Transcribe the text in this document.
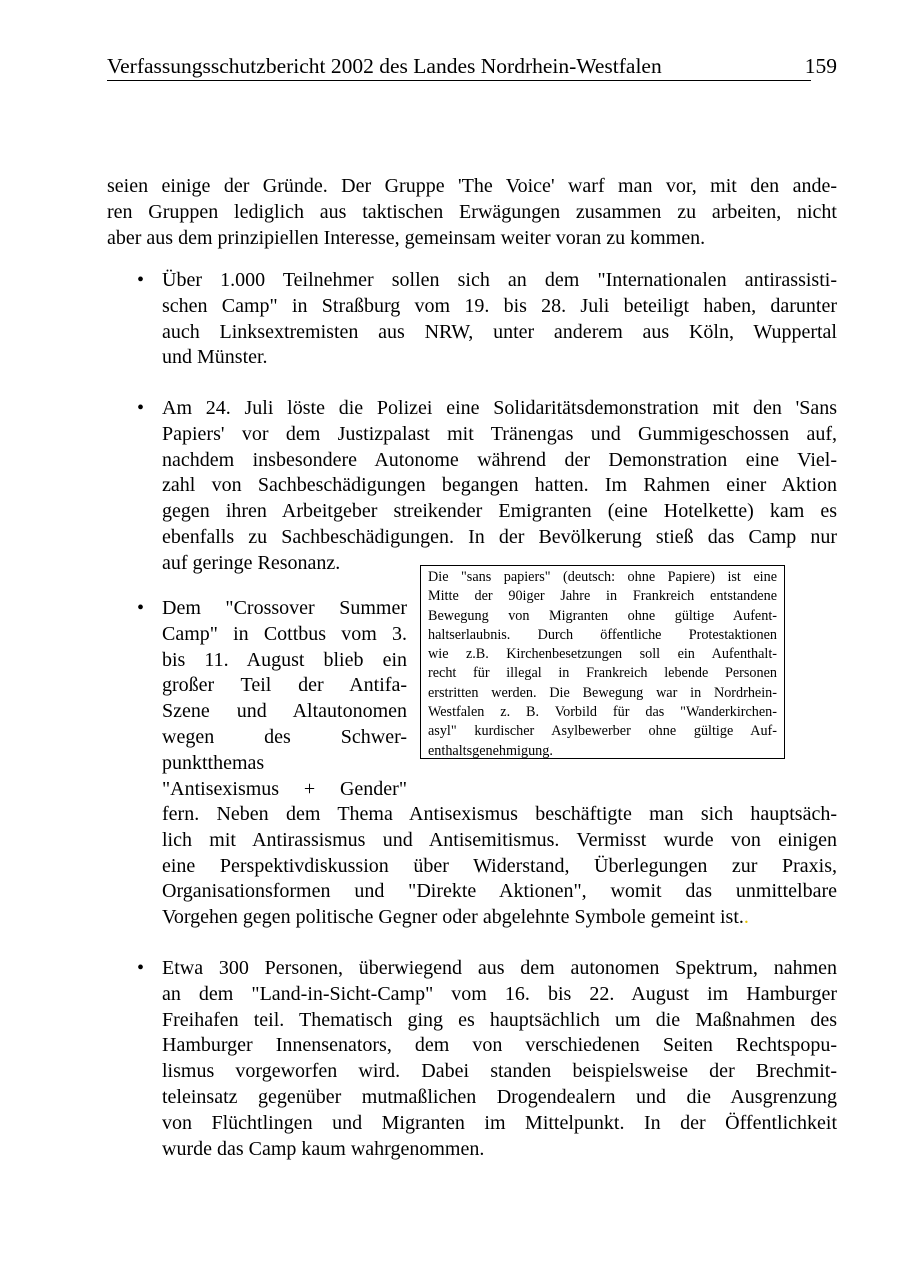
Verfassungsschutzbericht 2002 des Landes Nordrhein-Westfalen	159
seien einige der Gründe. Der Gruppe 'The Voice' warf man vor, mit den ande-
ren Gruppen lediglich aus taktischen Erwägungen zusammen zu arbeiten, nicht
aber aus dem prinzipiellen Interesse, gemeinsam weiter voran zu kommen.
• Über 1.000 Teilnehmer sollen sich an dem "Internationalen antirassisti-
schen Camp" in Straßburg vom 19. bis 28. Juli beteiligt haben, darunter
auch Linksextremisten aus NRW, unter anderem aus Köln, Wuppertal
und Münster.
• Am 24. Juli löste die Polizei eine Solidaritätsdemonstration mit den 'Sans
Papiers' vor dem Justizpalast mit Tränengas und Gummigeschossen auf,
nachdem insbesondere Autonome während der Demonstration eine Viel-
zahl von Sachbeschädigungen begangen hatten. Im Rahmen einer Aktion
gegen ihren Arbeitgeber streikender Emigranten (eine Hotelkette) kam es
ebenfalls zu Sachbeschädigungen. In der Bevölkerung stieß das Camp nur
auf geringe Resonanz.
Die "sans papiers" (deutsch: ohne Papiere) ist eine
Mitte der 90iger Jahre in Frankreich entstandene
Bewegung von Migranten ohne gültige Aufent-
haltserlaubnis. Durch öffentliche Protestaktionen
wie z.B. Kirchenbesetzungen soll ein Aufenthalt-
recht für illegal in Frankreich lebende Personen
erstritten werden. Die Bewegung war in Nordrhein-
Westfalen z. B. Vorbild für das "Wanderkirchen-
asyl" kurdischer Asylbewerber ohne gültige Auf-
enthaltsgenehmigung.
• Dem "Crossover Summer
Camp" in Cottbus vom 3.
bis 11. August blieb ein
großer Teil der Antifa-
Szene und Altautonomen
wegen des Schwer-
punktthemas
"Antisexismus + Gender"
fern. Neben dem Thema Antisexismus beschäftigte man sich hauptsäch-
lich mit Antirassismus und Antisemitismus. Vermisst wurde von einigen
eine Perspektivdiskussion über Widerstand, Überlegungen zur Praxis,
Organisationsformen und "Direkte Aktionen", womit das unmittelbare
Vorgehen gegen politische Gegner oder abgelehnte Symbole gemeint ist..
• Etwa 300 Personen, überwiegend aus dem autonomen Spektrum, nahmen
an dem "Land-in-Sicht-Camp" vom 16. bis 22. August im Hamburger
Freihafen teil. Thematisch ging es hauptsächlich um die Maßnahmen des
Hamburger Innensenators, dem von verschiedenen Seiten Rechtspopu-
lismus vorgeworfen wird. Dabei standen beispielsweise der Brechmit-
teleinsatz gegenüber mutmaßlichen Drogendealern und die Ausgrenzung
von Flüchtlingen und Migranten im Mittelpunkt. In der Öffentlichkeit
wurde das Camp kaum wahrgenommen.
